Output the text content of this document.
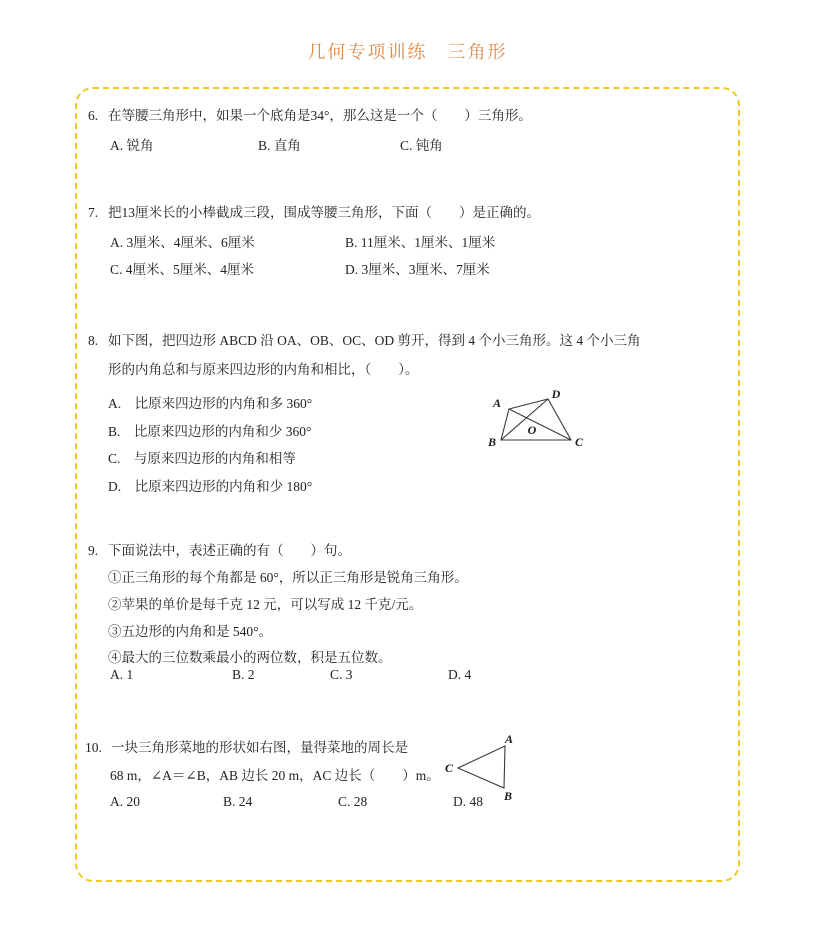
几何专项训练　三角形
6. 在等腰三角形中，如果一个底角是34°，那么这是一个（　　）三角形。
A. 锐角	B. 直角	C. 钝角
7. 把13厘米长的小棒截成三段，围成等腰三角形，下面（　　）是正确的。
A. 3厘米、4厘米、6厘米	B. 11厘米、1厘米、1厘米
C. 4厘米、5厘米、4厘米	D. 3厘米、3厘米、7厘米
8. 如下图，把四边形 ABCD 沿 OA、OB、OC、OD 剪开，得到 4 个小三角形。这 4 个小三角
形的内角总和与原来四边形的内角和相比，（　　）。
A.　比原来四边形的内角和多 360°
B.　比原来四边形的内角和少 360°
C.　与原来四边形的内角和相等
D.　比原来四边形的内角和少 180°
A
D
B	C
O
9. 下面说法中，表述正确的有（　　）句。
①正三角形的每个角都是 60°，所以正三角形是锐角三角形。
②苹果的单价是每千克 12 元，可以写成 12 千克/元。
③五边形的内角和是 540°。
④最大的三位数乘最小的两位数，积是五位数。
A. 1	B. 2	C. 3	D. 4
10. 一块三角形菜地的形状如右图，量得菜地的周长是
68 m，∠A＝∠B，AB 边长 20 m，AC 边长（　　）m。
A. 20	B. 24	C. 28	D. 48
A
C
B
